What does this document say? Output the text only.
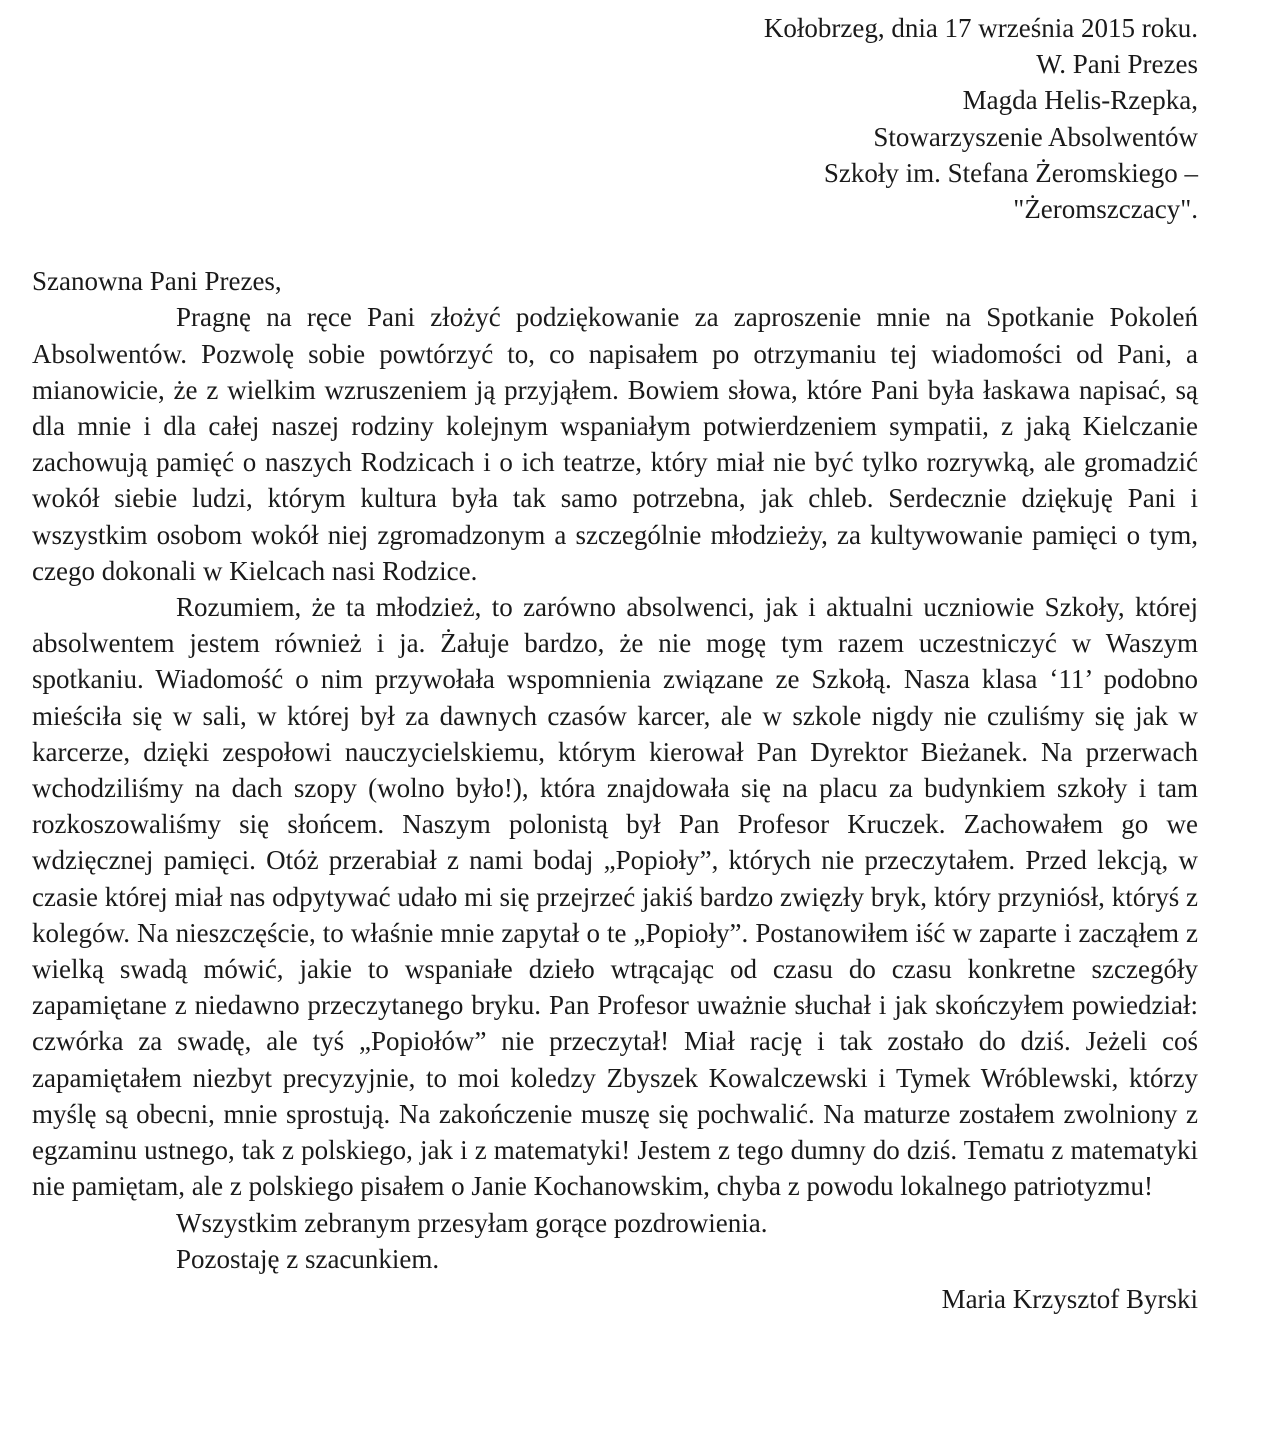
Kołobrzeg, dnia 17 września 2015 roku.
W. Pani Prezes
Magda Helis-Rzepka,
Stowarzyszenie Absolwentów
Szkoły im. Stefana Żeromskiego –
"Żeromszczacy".
Szanowna Pani Prezes,

Pragnę na ręce Pani złożyć podziękowanie za zaproszenie mnie na Spotkanie Pokoleń Absolwentów. Pozwolę sobie powtórzyć to, co napisałem po otrzymaniu tej wiadomości od Pani, a mianowicie, że z wielkim wzruszeniem ją przyjąłem. Bowiem słowa, które Pani była łaskawa napisać, są dla mnie i dla całej naszej rodziny kolejnym wspaniałym potwierdzeniem sympatii, z jaką Kielczanie zachowują pamięć o naszych Rodzicach i o ich teatrze, który miał nie być tylko rozrywką, ale gromadzić wokół siebie ludzi, którym kultura była tak samo potrzebna, jak chleb. Serdecznie dziękuję Pani i wszystkim osobom wokół niej zgromadzonym a szczególnie młodzieży, za kultywowanie pamięci o tym, czego dokonali w Kielcach nasi Rodzice.

Rozumiem, że ta młodzież, to zarówno absolwenci, jak i aktualni uczniowie Szkoły, której absolwentem jestem również i ja. Żałuje bardzo, że nie mogę tym razem uczestniczyć w Waszym spotkaniu. Wiadomość o nim przywołała wspomnienia związane ze Szkołą. Nasza klasa ‘11’ podobno mieściła się w sali, w której był za dawnych czasów karcer, ale w szkole nigdy nie czuliśmy się jak w karcerze, dzięki zespołowi nauczycielskiemu, którym kierował Pan Dyrektor Bieżanek. Na przerwach wchodziliśmy na dach szopy (wolno było!), która znajdowała się na placu za budynkiem szkoły i tam rozkoszowaliśmy się słońcem. Naszym polonistą był Pan Profesor Kruczek. Zachowałem go we wdzięcznej pamięci. Otóż przerabiał z nami bodaj „Popioły”, których nie przeczytałem. Przed lekcją, w czasie której miał nas odpytywać udało mi się przejrzeć jakiś bardzo zwięzły bryk, który przyniósł, któryś z kolegów. Na nieszczęście, to właśnie mnie zapytał o te „Popioły”. Postanowiłem iść w zaparte i zacząłem z wielką swadą mówić, jakie to wspaniałe dzieło wtrącając od czasu do czasu konkretne szczegóły zapamiętane z niedawno przeczytanego bryku. Pan Profesor uważnie słuchał i jak skończyłem powiedział: czwórka za swadę, ale tyś „Popiołów” nie przeczytał! Miał rację i tak zostało do dziś. Jeżeli coś zapamiętałem niezbyt precyzyjnie, to moi koledzy Zbyszek Kowalczewski i Tymek Wróblewski, którzy myślę są obecni, mnie sprostują. Na zakończenie muszę się pochwalić. Na maturze zostałem zwolniony z egzaminu ustnego, tak z polskiego, jak i z matematyki! Jestem z tego dumny do dziś. Tematu z matematyki nie pamiętam, ale z polskiego pisałem o Janie Kochanowskim, chyba z powodu lokalnego patriotyzmu!

Wszystkim zebranym przesyłam gorące pozdrowienia.
Pozostaję z szacunkiem.
Maria Krzysztof Byrski
